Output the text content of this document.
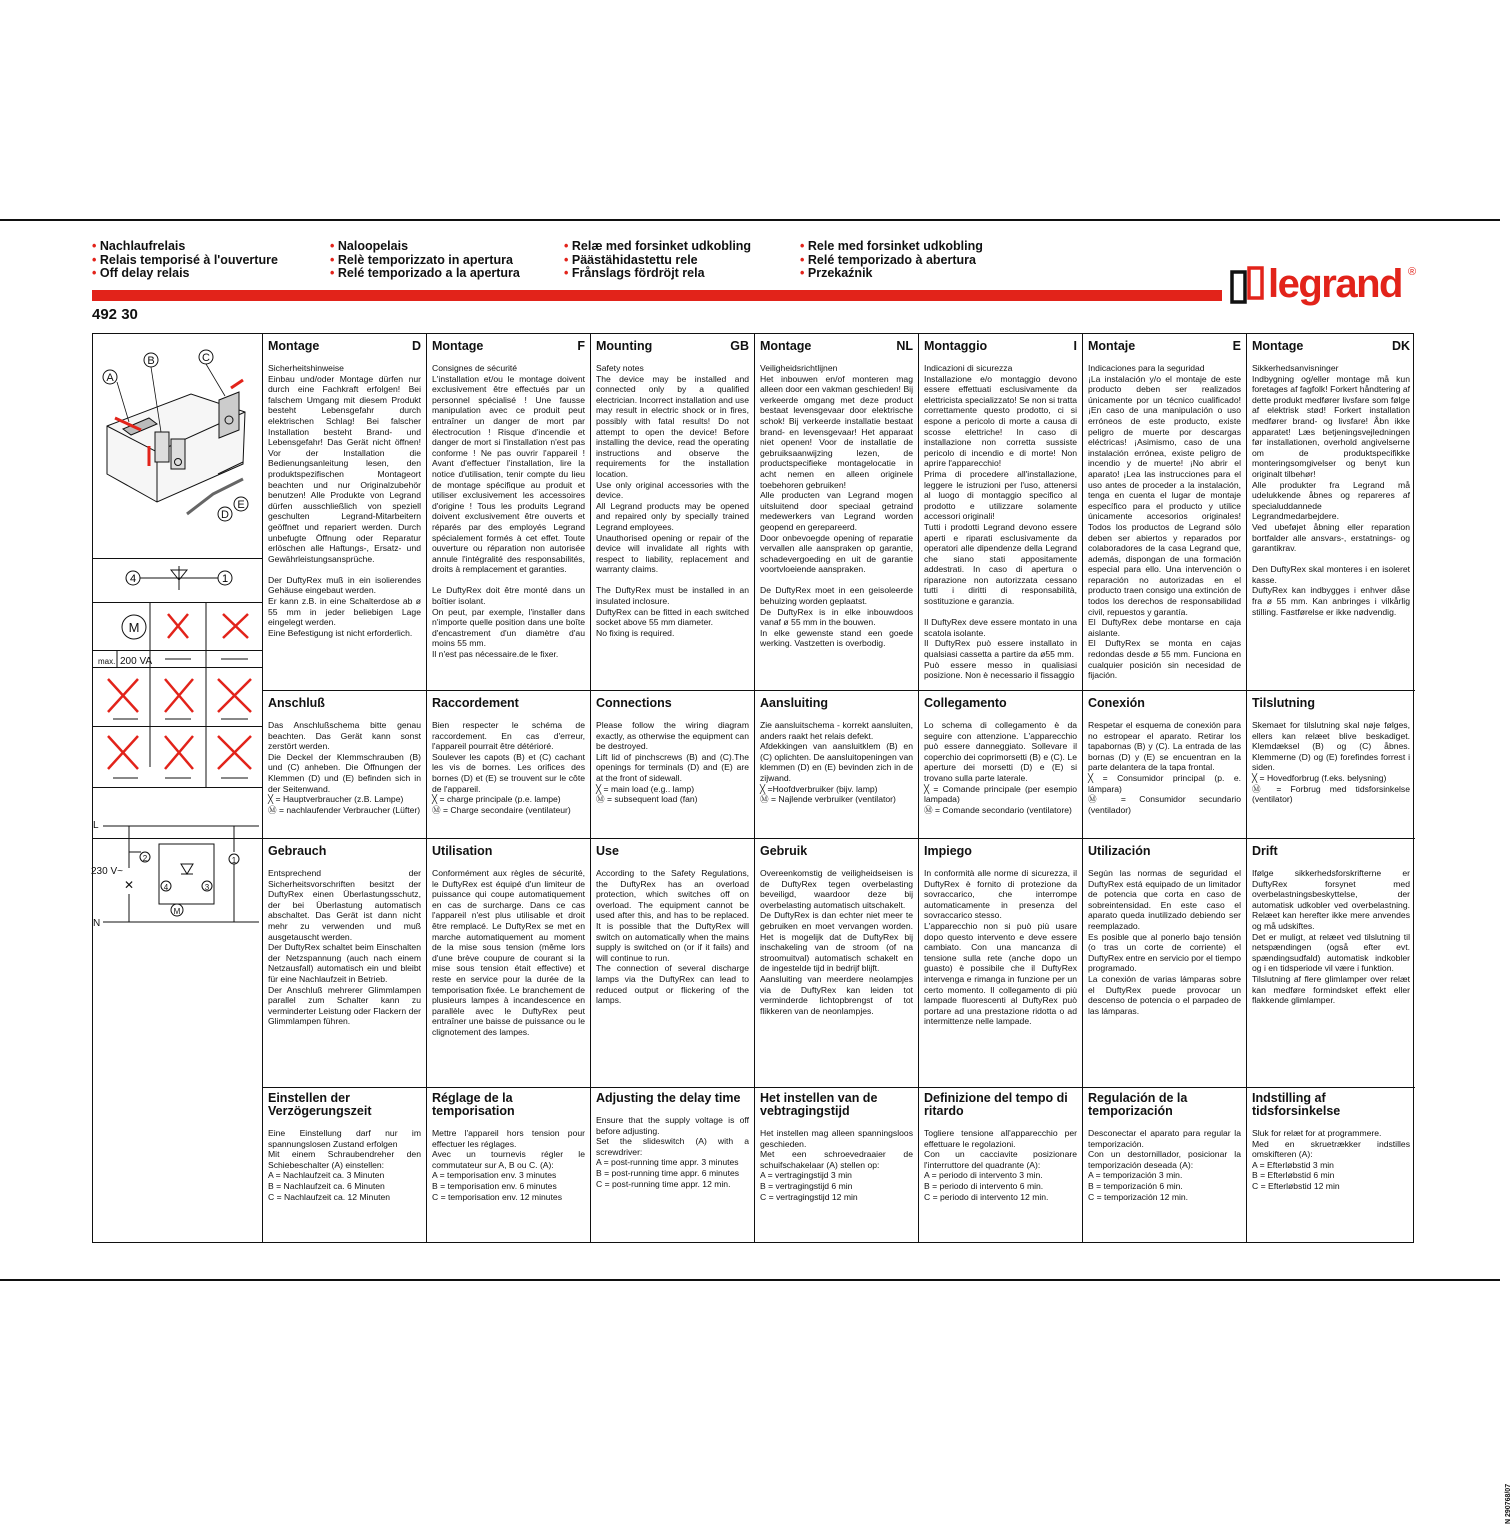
• Nachlaufrelais
• Relais temporisé à l'ouverture
• Off delay relais
• Naloopelais
• Relè temporizzato in apertura
• Relé temporizado a la apertura
• Relæ med forsinket udkobling
• Päästähidastettu rele
• Frånslags fördröjt rela
• Rele med forsinket udkobling
• Relé temporizado à abertura
• Przekaźnik	legrand ®
492 30
A
B	C
D
E
4	1
M
max. 200 VA
L
N
230 V~
✕
2	1
4	3
M
Montage	D
Sicherheitshinweise
Einbau und/oder Montage dürfen nur durch eine Fachkraft erfolgen! Bei falschem Umgang mit diesem Produkt besteht Lebensgefahr durch elektrischen Schlag! Bei falscher Installation besteht Brand- und Lebensgefahr! Das Gerät nicht öffnen! Vor der Installation die Bedienungsanleitung lesen, den produktspezifischen Montageort beachten und nur Originalzubehör benutzen! Alle Produkte von Legrand dürfen ausschließlich von speziell geschulten Legrand-Mitarbeitern geöffnet und repariert werden. Durch unbefugte Öffnung oder Reparatur erlöschen alle Haftungs-, Ersatz- und Gewährleistungsansprüche.

Der DuftyRex muß in ein isolierendes Gehäuse eingebaut werden.
Er kann z.B. in eine Schalterdose ab ø 55 mm in jeder beliebigen Lage eingelegt werden.
Eine Befestigung ist nicht erforderlich.
Anschluß
Das Anschlußschema bitte genau beachten. Das Gerät kann sonst zerstört werden.
Die Deckel der Klemmschrauben (B) und (C) anheben. Die Öffnungen der Klemmen (D) und (E) befinden sich in der Seitenwand.
╳ = Hauptverbraucher (z.B. Lampe)
Ⓜ = nachlaufender Verbraucher (Lüfter)
Gebrauch
Entsprechend der Sicherheitsvorschriften besitzt der DuftyRex einen Überlastungsschutz, der bei Überlastung automatisch abschaltet. Das Gerät ist dann nicht mehr zu verwenden und muß ausgetauscht werden.
Der DuftyRex schaltet beim Einschalten der Netzspannung (auch nach einem Netzausfall) automatisch ein und bleibt für eine Nachlaufzeit in Betrieb.
Der Anschluß mehrerer Glimmlampen parallel zum Schalter kann zu verminderter Leistung oder Flackern der Glimmlampen führen.
Einstellen der Verzögerungszeit
Eine Einstellung darf nur im spannungslosen Zustand erfolgen
Mit einem Schraubendreher den Schiebeschalter (A) einstellen:
A = Nachlaufzeit ca. 3 Minuten
B = Nachlaufzeit ca. 6 Minuten
C = Nachlaufzeit ca. 12 Minuten
Montage	F
Consignes de sécurité
L'installation et/ou le montage doivent exclusivement être effectués par un personnel spécialisé ! Une fausse manipulation avec ce produit peut entraîner un danger de mort par électrocution ! Risque d'incendie et danger de mort si l'installation n'est pas conforme ! Ne pas ouvrir l'appareil ! Avant d'effectuer l'installation, lire la notice d'utilisation, tenir compte du lieu de montage spécifique au produit et utiliser exclusivement les accessoires d'origine ! Tous les produits Legrand doivent exclusivement être ouverts et réparés par des employés Legrand spécialement formés à cet effet. Toute ouverture ou réparation non autorisée annule l'intégralité des responsabilités, droits à remplacement et garanties.

Le DuftyRex doit être monté dans un boîtier isolant.
On peut, par exemple, l'installer dans n'importe quelle position dans une boîte d'encastrement d'un diamètre d'au moins 55 mm.
Il n'est pas nécessaire.de le fixer.
Raccordement
Bien respecter le schéma de raccordement. En cas d'erreur, l'appareil pourrait être détérioré.
Soulever les capots (B) et (C) cachant les vis de bornes. Les orifices des bornes (D) et (E) se trouvent sur le côte de l'appareil.
╳ = charge principale (p.e. lampe)
Ⓜ = Charge secondaire (ventilateur)
Utilisation
Conformément aux règles de sécurité, le DuftyRex est équipé d'un limiteur de puissance qui coupe automatiquement en cas de surcharge. Dans ce cas l'appareil n'est plus utilisable et droit être remplacé. Le DuftyRex se met en marche automatiquement au moment de la mise sous tension (même lors d'une brève coupure de courant si la mise sous tension était effective) et reste en service pour la durée de la temporisation fixée. Le branchement de plusieurs lampes à incandescence en parallèle avec le DuftyRex peut entraîner une baisse de puissance ou le clignotement des lampes.
Réglage de la temporisation
Mettre l'appareil hors tension pour effectuer les réglages.
Avec un tournevis régler le commutateur sur A, B ou C. (A):
A = temporisation env. 3 minutes
B = temporisation env. 6 minutes
C = temporisation env. 12 minutes
Mounting	GB
Safety notes
The device may be installed and connected only by a qualified electrician. Incorrect installation and use may result in electric shock or in fires, possibly with fatal results! Do not attempt to open the device! Before installing the device, read the operating instructions and observe the requirements for the installation location.
Use only original accessories with the device.
All Legrand products may be opened and repaired only by specially trained Legrand employees.
Unauthorised opening or repair of the device will invalidate all rights with respect to liability, replacement and warranty claims.

The DuftyRex must be installed in an insulated inclosure.
DuftyRex can be fitted in each switched socket above 55 mm diameter.
No fixing is required.
Connections
Please follow the wiring diagram exactly, as otherwise the equipment can be destroyed.
Lift lid of pinchscrews (B) and (C).The openings for terminals (D) and (E) are at the front of sidewall.
╳ = main load (e.g.. lamp)
Ⓜ = subsequent load (fan)
Use
According to the Safety Regulations, the DuftyRex has an overload protection, which switches off on overload. The equipment cannot be used after this, and has to be replaced. It is possible that the DuftyRex will switch on automatically when the mains supply is switched on (or if it fails) and will continue to run.
The connection of several discharge lamps via the DuftyRex can lead to reduced output or flickering of the lamps.
Adjusting the delay time
Ensure that the supply voltage is off before adjusting.
Set the slideswitch (A) with a screwdriver:
A = post-running time appr. 3 minutes
B = post-running time appr. 6 minutes
C = post-running time appr. 12 min.
Montage	NL
Veiligheidsrichtlijnen
Het inbouwen en/of monteren mag alleen door een vakman geschieden! Bij verkeerde omgang met deze product bestaat levensgevaar door elektrische schok! Bij verkeerde installatie bestaat brand- en levensgevaar! Het apparaat niet openen! Voor de installatie de gebruiksaanwijzing lezen, de productspecifieke montagelocatie in acht nemen en alleen originele toebehoren gebruiken!
Alle producten van Legrand mogen uitsluitend door speciaal getraind medewerkers van Legrand worden geopend en gerepareerd.
Door onbevoegde opening of reparatie vervallen alle aanspraken op garantie, schadevergoeding en uit de garantie voortvloeiende aanspraken.

De DuftyRex moet in een geisoleerde behuizing worden geplaatst.
De DuftyRex is in elke inbouwdoos vanaf ø 55 mm in the bouwen.
In elke gewenste stand een goede werking. Vastzetten is overbodig.
Aansluiting
Zie aansluitschema - korrekt aansluiten, anders raakt het relais defekt.
Afdekkingen van aansluitklem (B) en (C) oplichten. De aansluitopeningen van klemmen (D) en (E) bevinden zich in de zijwand.
╳ =Hoofdverbruiker (bijv. lamp)
Ⓜ = Najlende verbruiker (ventilator)
Gebruik
Overeenkomstig de veiligheidseisen is de DuftyRex tegen overbelasting beveiligd, waardoor deze bij overbelasting automatisch uitschakelt.
De DuftyRex is dan echter niet meer te gebruiken en moet vervangen worden. Het is mogelijk dat de DuftyRex bij inschakeling van de stroom (of na stroomuitval) automatisch schakelt en de ingestelde tijd in bedrijf blijft.
Aansluiting van meerdere neolampjes via de DuftyRex kan leiden tot verminderde lichtopbrengst of tot flikkeren van de neonlampjes.
Het instellen van de vebtragingstijd
Het instellen mag alleen spanningsloos geschieden.
Met een schroevedraaier de schuifschakelaar (A) stellen op:
A = vertragingstijd 3 min
B = vertragingstijd 6 min
C = vertragingstijd 12 min
Montaggio	I
Indicazioni di sicurezza
Installazione e/o montaggio devono essere effettuati esclusivamente da elettricista specializzato! Se non si tratta correttamente questo prodotto, ci si espone a pericolo di morte a causa di scosse elettriche! In caso di installazione non corretta sussiste pericolo di incendio e di morte! Non aprire l'apparecchio!
Prima di procedere all'installazione, leggere le istruzioni per l'uso, attenersi al luogo di montaggio specifico al prodotto e utilizzare solamente accessori originali!
Tutti i prodotti Legrand devono essere aperti e riparati esclusivamente da operatori alle dipendenze della Legrand che siano stati appositamente addestrati. In caso di apertura o riparazione non autorizzata cessano tutti i diritti di responsabilità, sostituzione e garanzia.

Il DuftyRex deve essere montato in una scatola isolante.
Il DuftyRex può essere installato in qualsiasi cassetta a partire da ø55 mm.
Può essere messo in qualisiasi posizione. Non è necessario il fissaggio
Collegamento
Lo schema di collegamento è da seguire con attenzione. L'apparecchio può essere danneggiato. Sollevare il coperchio dei coprimorsetti (B) e (C). Le aperture dei morsetti (D) e (E) si trovano sulla parte laterale.
╳ = Comande principale (per esempio lampada)
Ⓜ = Comande secondario (ventilatore)
Impiego
In conformità alle norme di sicurezza, il DuftyRex è fornito di protezione da sovraccarico, che interrompe automaticamente in presenza del sovraccarico stesso.
L'apparecchio non si può più usare dopo questo intervento e deve essere cambiato. Con una mancanza di tensione sulla rete (anche dopo un guasto) è possibile che il DuftyRex intervenga e rimanga in funzione per un certo momento. Il collegamento di più lampade fluorescenti al DuftyRex può portare ad una prestazione ridotta o ad intermittenze nelle lampade.
Definizione del tempo di ritardo
Togliere tensione all'apparecchio per effettuare le regolazioni.
Con un cacciavite posizionare l'interruttore del quadrante (A):
A = periodo di intervento 3 min.
B = periodo di intervento 6 min.
C = periodo di intervento 12 min.
Montaje	E
Indicaciones para la seguridad
¡La instalación y/o el montaje de este producto deben ser realizados únicamente por un técnico cualificado! ¡En caso de una manipulación o uso erróneos de este producto, existe peligro de muerte por descargas eléctricas! ¡Asimismo, caso de una instalación errónea, existe peligro de incendio y de muerte! ¡No abrir el aparato! ¡Lea las instrucciones para el uso antes de proceder a la instalación, tenga en cuenta el lugar de montaje específico para el producto y utilice únicamente accesorios originales! Todos los productos de Legrand sólo deben ser abiertos y reparados por colaboradores de la casa Legrand que, además, dispongan de una formación especial para ello. Una intervención o reparación no autorizadas en el producto traen consigo una extinción de todos los derechos de responsabilidad civil, repuestos y garantía.
El DuftyRex debe montarse en caja aislante.
El DuftyRex se monta en cajas redondas desde ø 55 mm. Funciona en cualquier posición sin necesidad de fijación.
Conexión
Respetar el esquema de conexión para no estropear el aparato. Retirar los tapabornas (B) y (C). La entrada de las bornas (D) y (E) se encuentran en la parte delantera de la tapa frontal.
╳ = Consumidor principal (p. e. lámpara)
Ⓜ = Consumidor secundario (ventilador)
Utilización
Según las normas de seguridad el DuftyRex está equipado de un limitador de potencia que corta en caso de sobreintensidad. En este caso el aparato queda inutilizado debiendo ser reemplazado.
Es posible que al ponerlo bajo tensión (o tras un corte de corriente) el DuftyRex entre en servicio por el tiempo programado.
La conexión de varias lámparas sobre el DuftyRex puede provocar un descenso de potencia o el parpadeo de las lámparas.
Regulación de la temporización
Desconectar el aparato para regular la temporización.
Con un destornillador, posicionar la temporización deseada (A):
A = temporización 3 min.
B = temporización 6 min.
C = temporización 12 min.
Montage	DK
Sikkerhedsanvisninger
Indbygning og/eller montage må kun foretages af fagfolk! Forkert håndtering af dette produkt medfører livsfare som følge af elektrisk stød! Forkert installation medfører brand- og livsfare! Åbn ikke apparatet! Læs betjeningsvejledningen før installationen, overhold angivelserne om de produktspecifikke monteringsomgivelser og benyt kun originalt tilbehør!
Alle produkter fra Legrand må udelukkende åbnes og repareres af specialuddannede Legrandmedarbejdere.
Ved ubeføjet åbning eller reparation bortfalder alle ansvars-, erstatnings- og garantikrav.

Den DuftyRex skal monteres i en isoleret kasse.
DuftyRex kan indbygges i enhver dåse fra ø 55 mm. Kan anbringes i vilkårlig stilling. Fastførelse er ikke nødvendig.
Tilslutning
Skemaet for tilslutning skal nøje følges, ellers kan relæet blive beskadiget. Klemdæksel (B) og (C) åbnes. Klemmerne (D) og (E) forefindes forrest i siden.
╳ = Hovedforbrug (f.eks. belysning)
Ⓜ = Forbrug med tidsforsinkelse (ventilator)
Drift
Ifølge sikkerhedsforskrifterne er DuftyRex forsynet med overbelastningsbeskyttelse, der automatisk udkobler ved overbelastning. Relæet kan herefter ikke mere anvendes og må udskiftes.
Det er muligt, at relæet ved tilslutning til netspændingen (også efter evt. spændingsudfald) automatisk indkobler og i en tidsperiode vil være i funktion.
Tilslutning af flere glimlamper over relæt kan medføre formindsket effekt eller flakkende glimlamper.
Indstilling af tidsforsinkelse
Sluk for relæt for at programmere.
Med en skruetrækker indstilles omskifteren (A):
A = Efterløbstid 3 min
B = Efterløbstid 6 min
C = Efterløbstid 12 min
N 290768/07
